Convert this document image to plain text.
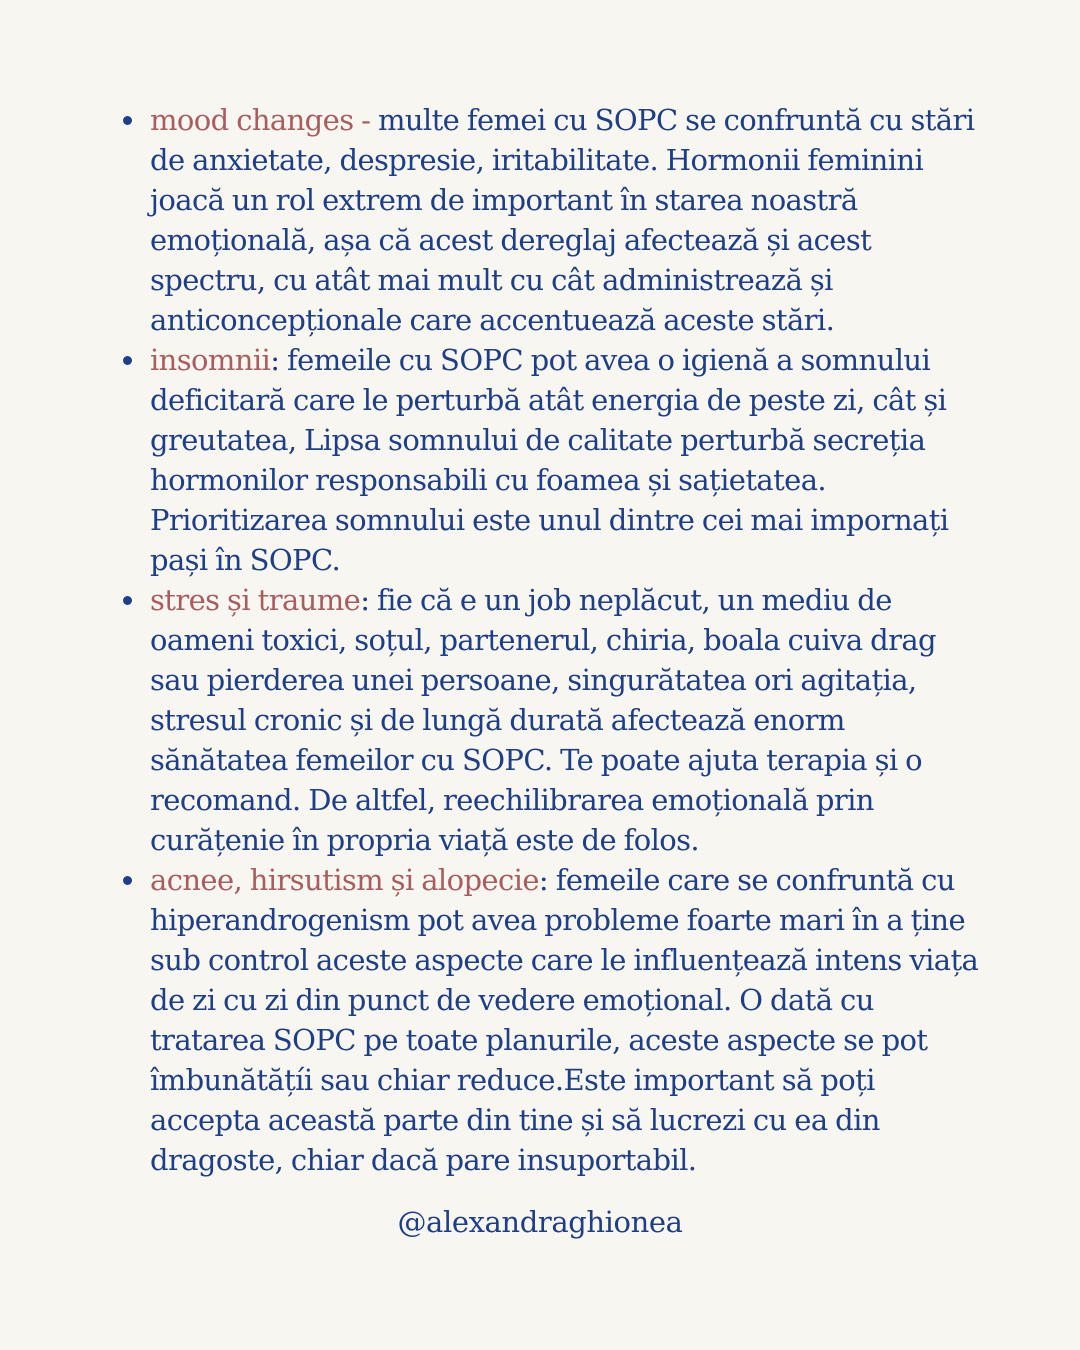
mood changes - multe femei cu SOPC se confruntă cu stări de anxietate, despresie, iritabilitate. Hormonii feminini joacă un rol extrem de important în starea noastră emoțională, așa că acest dereglaj afectează și acest spectru, cu atât mai mult cu cât administrează și anticoncepționale care accentuează aceste stări.
insomnii: femeile cu SOPC pot avea o igienă a somnului deficitară care le perturbă atât energia de peste zi, cât și greutatea, Lipsa somnului de calitate perturbă secreția hormonilor responsabili cu foamea și sațietatea. Prioritizarea somnului este unul dintre cei mai impornați pași în SOPC.
stres și traume: fie că e un job neplăcut, un mediu de oameni toxici, soțul, partenerul, chiria, boala cuiva drag sau pierderea unei persoane, singurătatea ori agitația, stresul cronic și de lungă durată afectează enorm sănătatea femeilor cu SOPC. Te poate ajuta terapia și o recomand. De altfel, reechilibrarea emoțională prin curățenie în propria viață este de folos.
acnee, hirsutism și alopecie: femeile care se confruntă cu hiperandrogenism pot avea probleme foarte mari în a ține sub control aceste aspecte care le influențează intens viața de zi cu zi din punct de vedere emoțional. O dată cu tratarea SOPC pe toate planurile, aceste aspecte se pot îmbunătățíi sau chiar reduce.Este important să poți accepta această parte din tine și să lucrezi cu ea din dragoste, chiar dacă pare insuportabil.
@alexandraghionea
